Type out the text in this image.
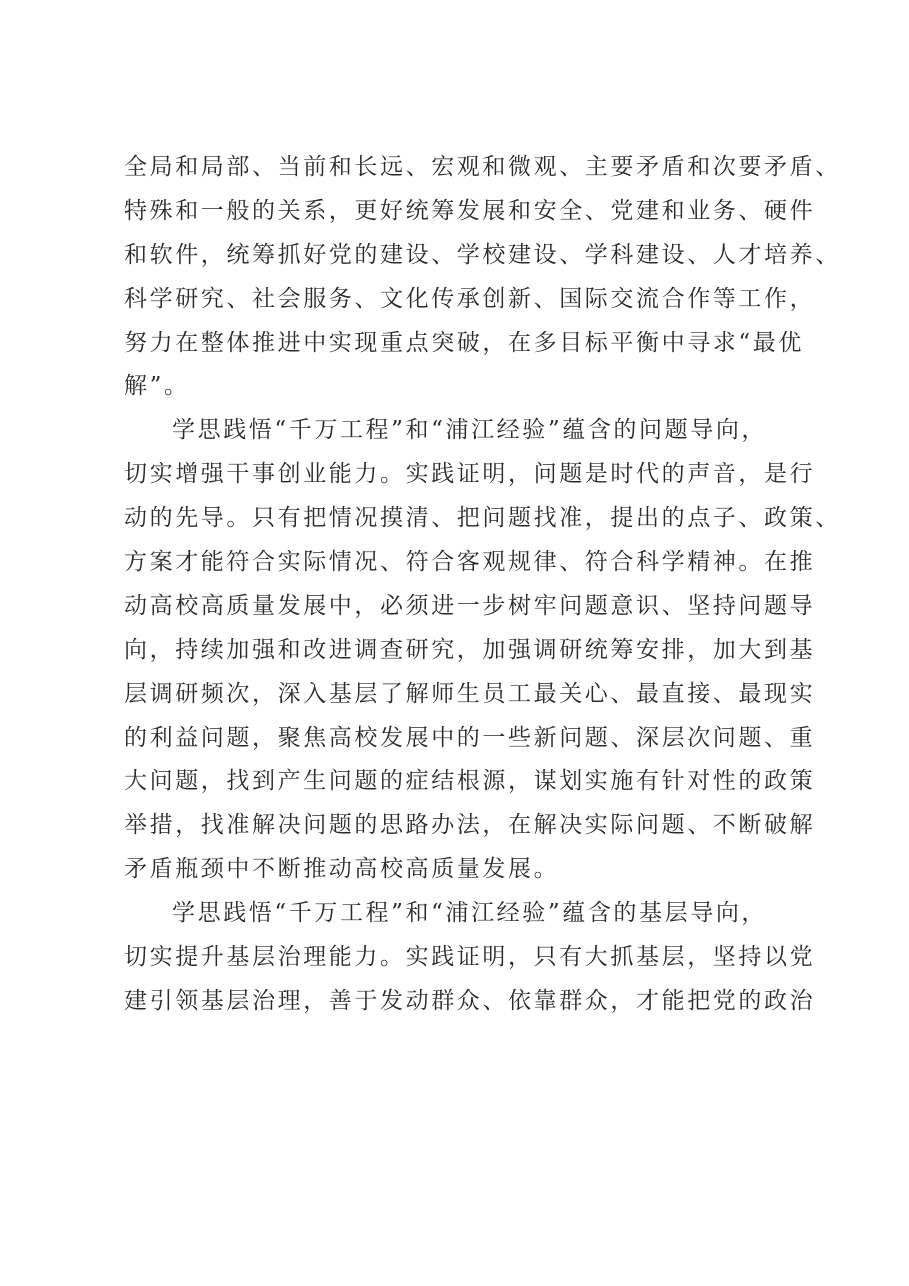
全局和局部、当前和长远、宏观和微观、主要矛盾和次要矛盾、
特殊和一般的关系，更好统筹发展和安全、党建和业务、硬件
和软件，统筹抓好党的建设、学校建设、学科建设、人才培养、
科学研究、社会服务、文化传承创新、国际交流合作等工作，
努力在整体推进中实现重点突破，在多目标平衡中寻求“最优
解”。
学思践悟“千万工程”和“浦江经验”蕴含的问题导向，
切实增强干事创业能力。实践证明，问题是时代的声音，是行
动的先导。只有把情况摸清、把问题找准，提出的点子、政策、
方案才能符合实际情况、符合客观规律、符合科学精神。在推
动高校高质量发展中，必须进一步树牢问题意识、坚持问题导
向，持续加强和改进调查研究，加强调研统筹安排，加大到基
层调研频次，深入基层了解师生员工最关心、最直接、最现实
的利益问题，聚焦高校发展中的一些新问题、深层次问题、重
大问题，找到产生问题的症结根源，谋划实施有针对性的政策
举措，找准解决问题的思路办法，在解决实际问题、不断破解
矛盾瓶颈中不断推动高校高质量发展。
学思践悟“千万工程”和“浦江经验”蕴含的基层导向，
切实提升基层治理能力。实践证明，只有大抓基层，坚持以党
建引领基层治理，善于发动群众、依靠群众，才能把党的政治
